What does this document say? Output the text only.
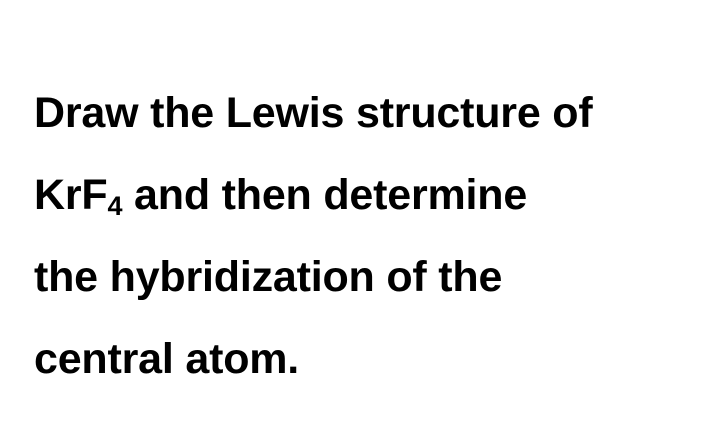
Draw the Lewis structure of
KrF$_4$ and then determine
the hybridization of the
central atom.
